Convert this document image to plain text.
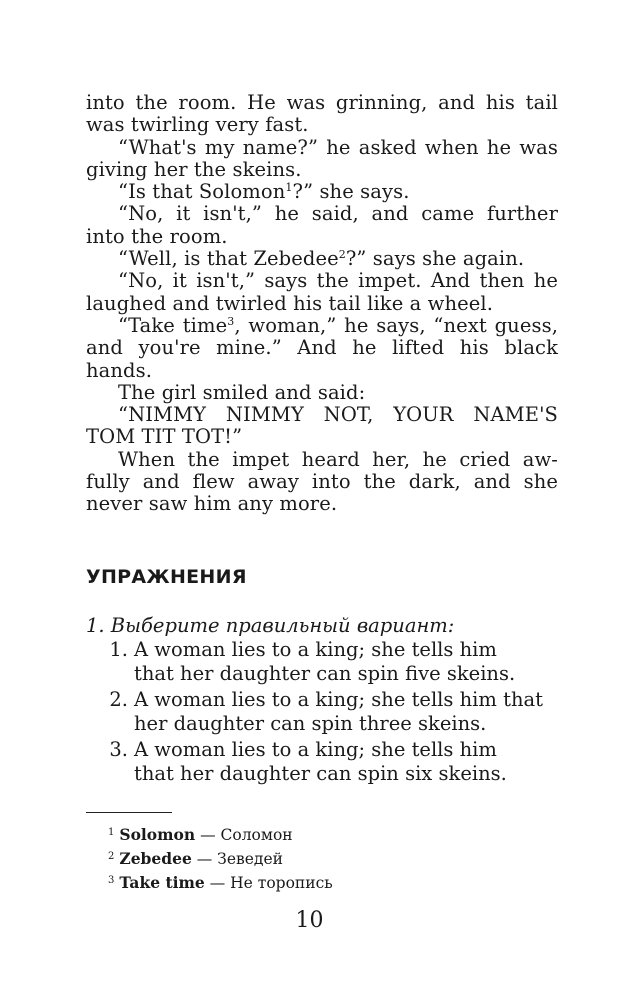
into the room. He was grinning, and his tail was twirling very fast.

“What's my name?” he asked when he was giving her the skeins.

“Is that Solomon$^1$?” she says.

“No, it isn't,” he said, and came further into the room.

“Well, is that Zebedee$^2$?” says she again.

“No, it isn't,” says the impet. And then he laughed and twirled his tail like a wheel.

“Take time$^3$, woman,” he says, “next guess, and you're mine.” And he lifted his black hands.

The girl smiled and said:

“NIMMY NIMMY NOT, YOUR NAME'S TOM TIT TOT!”

When the impet heard her, he cried aw-fully and flew away into the dark, and she never saw him any more.

УПРАЖНЕНИЯ

1. Выберите правильный вариант:

1. A woman lies to a king; she tells him
that her daughter can spin five skeins.
2. A woman lies to a king; she tells him that
her daughter can spin three skeins.
3. A woman lies to a king; she tells him
that her daughter can spin six skeins.
$^1$ Solomon — Соломон
$^2$ Zebedee — Зеведей
$^3$ Take time — Не торопись
10
